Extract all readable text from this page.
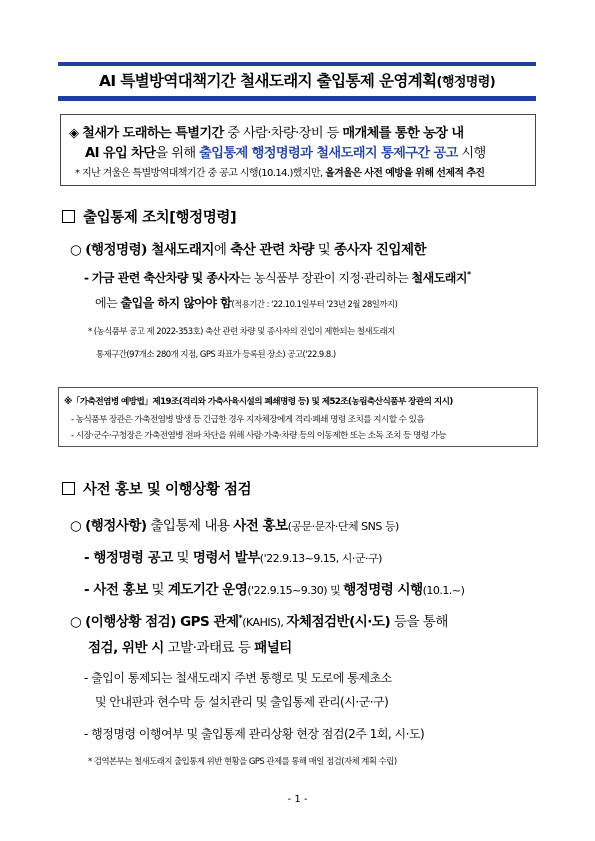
AI 특별방역대책기간 철새도래지 출입통제 운영계획(행정명령)
◈ 철새가 도래하는 특별기간 중 사람·차량·장비 등 매개체를 통한 농장 내
AI 유입 차단을 위해 출입통제 행정명령과 철새도래지 통제구간 공고 시행
* 지난 겨울은 특별방역대책기간 중 공고 시행(10.14.)했지만, 올겨울은 사전 예방을 위해 선제적 추진
출입통제 조치[행정명령]
○ (행정명령) 철새도래지에 축산 관련 차량 및 종사자 진입제한
- 가금 관련 축산차량 및 종사자는 농식품부 장관이 지정·관리하는 철새도래지*
에는 출입을 하지 않아야 함(적용기간 : '22.10.1일부터 '23년 2월 28일까지)
* (농식품부 공고 제 2022-353호) 축산 관련 차량 및 종사자의 진입이 제한되는 철새도래지
통제구간(97개소 280개 지점, GPS 좌표가 등록된 장소) 공고('22.9.8.)
※「가축전염병 예방법」제19조(격리와 가축사육시설의 폐쇄명령 등) 및 제52조(농림축산식품부 장관의 지시)
- 농식품부 장관은 가축전염병 발생 등 긴급한 경우 지자체장에게 격리·폐쇄 명령 조치를 지시할 수 있음
- 시장·군수·구청장은 가축전염병 전파 차단을 위해 사람·가축·차량 등의 이동제한 또는 소독 조치 등 명령 가능
사전 홍보 및 이행상황 점검
○ (행정사항) 출입통제 내용 사전 홍보(공문·문자·단체 SNS 등)
- 행정명령 공고 및 명령서 발부('22.9.13~9.15, 시·군·구)
- 사전 홍보 및 계도기간 운영('22.9.15~9.30) 및 행정명령 시행(10.1.~)
○ (이행상황 점검) GPS 관제*(KAHIS), 자체점검반(시·도) 등을 통해
점검, 위반 시 고발·과태료 등 패널티
- 출입이 통제되는 철새도래지 주변 통행로 및 도로에 통제초소
및 안내판과 현수막 등 설치관리 및 출입통제 관리(시·군·구)
- 행정명령 이행여부 및 출입통제 관리상황 현장 점검(2주 1회, 시·도)
* 검역본부는 철새도래지 출입통제 위반 현황을 GPS 관제를 통해 매일 점검(자체 계획 수립)
- 1 -
